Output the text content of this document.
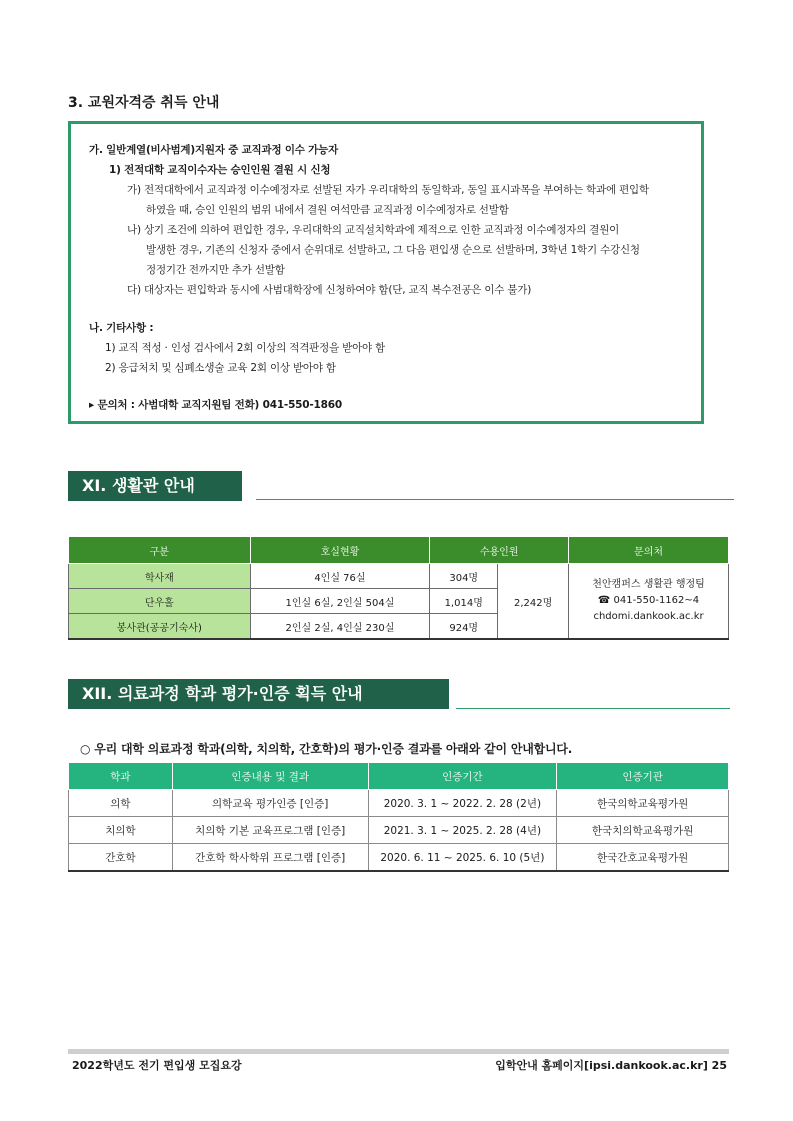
3. 교원자격증 취득 안내
가. 일반계열(비사범계)지원자 중 교직과정 이수 가능자
1) 전적대학 교직이수자는 승인인원 결원 시 신청
가) 전적대학에서 교직과정 이수예정자로 선발된 자가 우리대학의 동일학과, 동일 표시과목을 부여하는 학과에 편입학
하였을 때, 승인 인원의 범위 내에서 결원 여석만큼 교직과정 이수예정자로 선발함
나) 상기 조건에 의하여 편입한 경우, 우리대학의 교직설치학과에 제적으로 인한 교직과정 이수예정자의 결원이
발생한 경우, 기존의 신청자 중에서 순위대로 선발하고, 그 다음 편입생 순으로 선발하며, 3학년 1학기 수강신청
정정기간 전까지만 추가 선발함
다) 대상자는 편입학과 동시에 사범대학장에 신청하여야 함(단, 교직 복수전공은 이수 불가)
나. 기타사항 :
1) 교직 적성 · 인성 검사에서 2회 이상의 적격판정을 받아야 함
2) 응급처치 및 심폐소생술 교육 2회 이상 받아야 함
▸ 문의처 : 사범대학 교직지원팀 전화) 041-550-1860
XI. 생활관 안내
구분	호실현황	수용인원		문의처
학사재	4인실 76실	304명	2,242명	천안캠퍼스 생활관 행정팀
☎ 041-550-1162~4
chdomi.dankook.ac.kr

단우홀	1인실 6실, 2인실 504실	1,014명		
봉사관(공공기숙사)	2인실 2실, 4인실 230실	924명		
XII. 의료과정 학과 평가·인증 획득 안내
○ 우리 대학 의료과정 학과(의학, 치의학, 간호학)의 평가·인증 결과를 아래와 같이 안내합니다.
학과	인증내용 및 결과	인증기간	인증기관
의학	의학교육 평가인증 [인증]	2020. 3. 1 ~ 2022. 2. 28 (2년)	한국의학교육평가원
치의학	치의학 기본 교육프로그램 [인증]	2021. 3. 1 ~ 2025. 2. 28 (4년)	한국치의학교육평가원
간호학	간호학 학사학위 프로그램 [인증]	2020. 6. 11 ~ 2025. 6. 10 (5년)	한국간호교육평가원
2022학년도 전기 편입생 모집요강	입학안내 홈페이지[ipsi.dankook.ac.kr] 25
